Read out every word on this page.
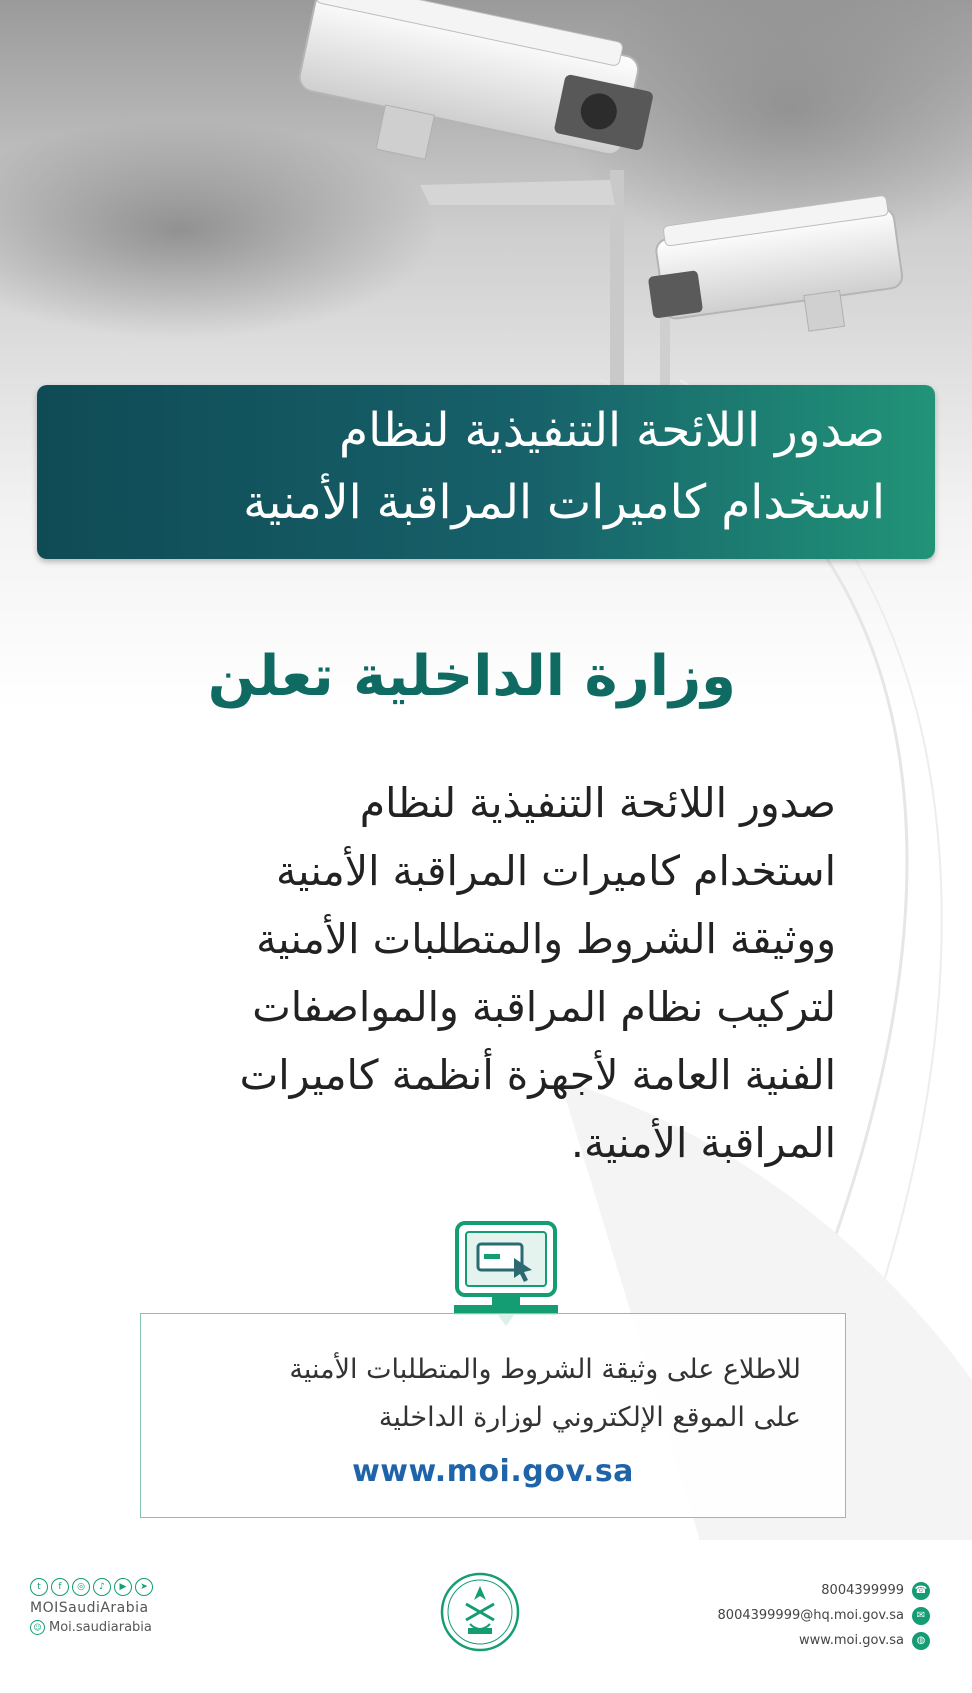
صدور اللائحة التنفيذية لنظام
استخدام كاميرات المراقبة الأمنية
وزارة الداخلية تعلن
صدور اللائحة التنفيذية لنظام
استخدام كاميرات المراقبة الأمنية
ووثيقة الشروط والمتطلبات الأمنية
لتركيب نظام المراقبة والمواصفات
الفنية العامة لأجهزة أنظمة كاميرات
المراقبة الأمنية.
للاطلاع على وثيقة الشروط والمتطلبات الأمنية
على الموقع الإلكتروني لوزارة الداخلية
www.moi.gov.sa
t	f	◎	♪	▶	➤
MOISaudiArabia
☺ Moi.saudiarabia
8004399999 ☎
8004399999@hq.moi.gov.sa	✉
www.moi.gov.sa	◍
